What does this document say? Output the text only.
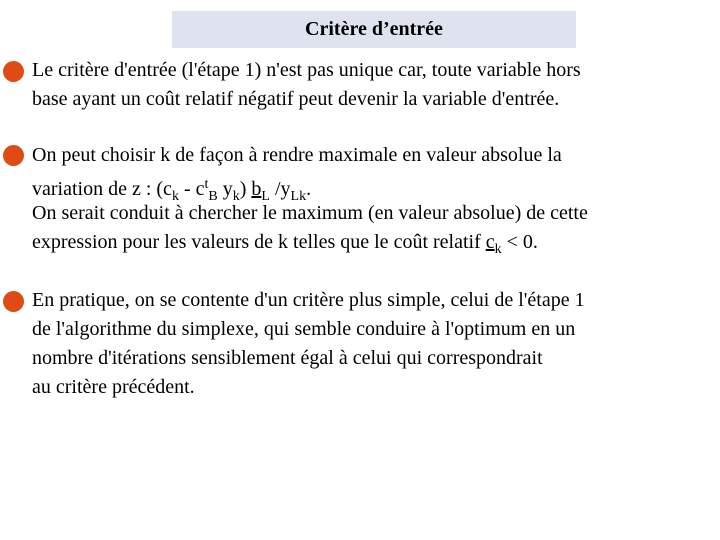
Critère d’entrée
Le critère d'entrée (l'étape 1) n'est pas unique car, toute variable hors
base ayant un coût relatif négatif peut devenir la variable d'entrée.
On peut choisir k de façon à rendre maximale en valeur absolue la
variation de z : ($c_k - c^t_B$ $y_k$) $b_L$ $/y_{Lk}$.
On serait conduit à chercher le maximum (en valeur absolue) de cette
expression pour les valeurs de k telles que le coût relatif $c_k < 0$.
En pratique, on se contente d'un critère plus simple, celui de l'étape 1
de l'algorithme du simplexe, qui semble conduire à l'optimum en un
nombre d'itérations sensiblement égal à celui qui correspondrait
au critère précédent.
